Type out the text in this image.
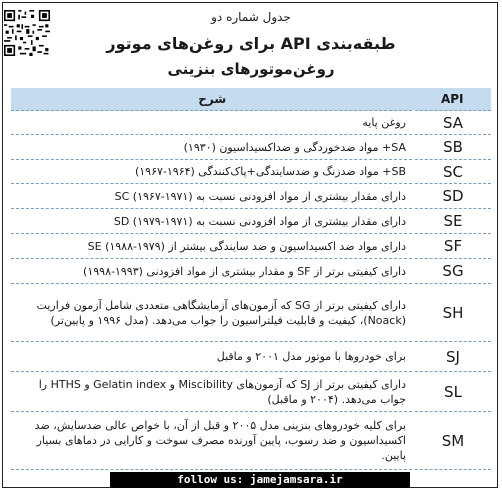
جدول شماره دو
طبقه‌بندی API برای روغن‌های موتور
روغن‌موتورهای بنزینی
API	شرح
SA	روغن پایه
SB	SA+ مواد ضدخوردگی و ضداکسیداسیون (۱۹۳۰)
SC	SB+ مواد ضدزنگ و ضدسایندگی+پاک‌کنندگی (۱۹۶۴-۱۹۶۷)
SD	دارای مقدار بیشتری از مواد افزودنی نسبت به SC (۱۹۶۷-۱۹۷۱)
SE	دارای مقدار بیشتری از مواد افزودنی نسبت به SD (۱۹۷۹-۱۹۷۱)
SF	دارای مواد ضد اکسیداسیون و ضد سایندگی بیشتر از SE (۱۹۸۸-۱۹۷۹)
SG	دارای کیفیتی برتر از SF و مقدار بیشتری از مواد افزودنی (۱۹۹۳-۱۹۹۸)
SH	دارای کیفیتی برتر از SG که آزمون‌های آزمایشگاهی متعددی شامل آزمون فراریت (Noack)، کیفیت و قابلیت فیلتراسیون را جواب می‌دهد. (مدل ۱۹۹۶ و پایین‌تر)
SJ	برای خودروها با موتور مدل ۲۰۰۱ و ماقبل
SL	دارای کیفیتی برتر از SJ که آزمون‌های Miscibility و Gelatin index و HTHS را جواب می‌دهد. (۲۰۰۴ و ماقبل)
SM	برای کلیه خودروهای بنزینی مدل ۲۰۰۵ و قبل از آن، با خواص عالی ضدسایش، ضد اکسیداسیون و ضد رسوب، پایین آورنده مصرف سوخت و کارایی در دماهای بسیار پایین.
follow us: jamejamsara.ir
